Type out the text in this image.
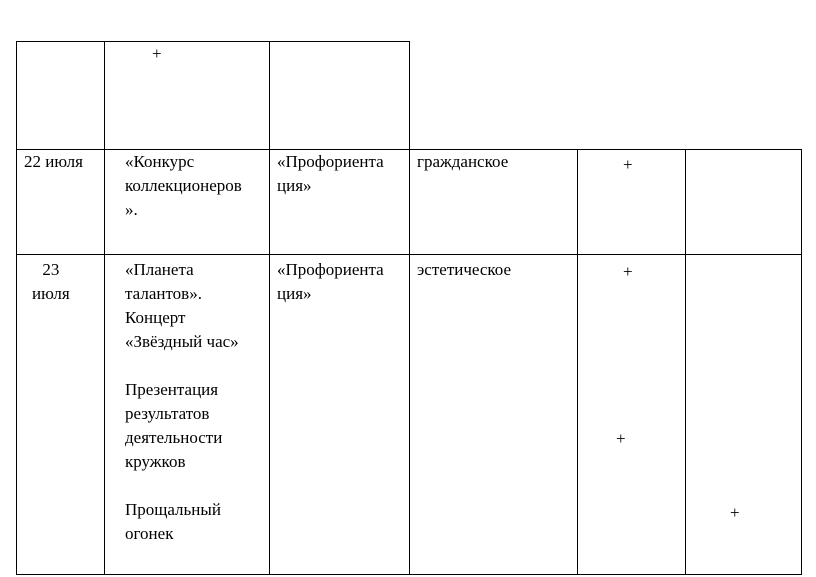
+
22 июля «Конкурс
коллекционеров
».
«Профориента
ция»
гражданское	+
23
июля
«Планета
талантов».
Концерт
«Звёздный час»

Презентация
результатов
деятельности
кружков

Прощальный
огонек
«Профориента
ция»
эстетическое	+
+
+
